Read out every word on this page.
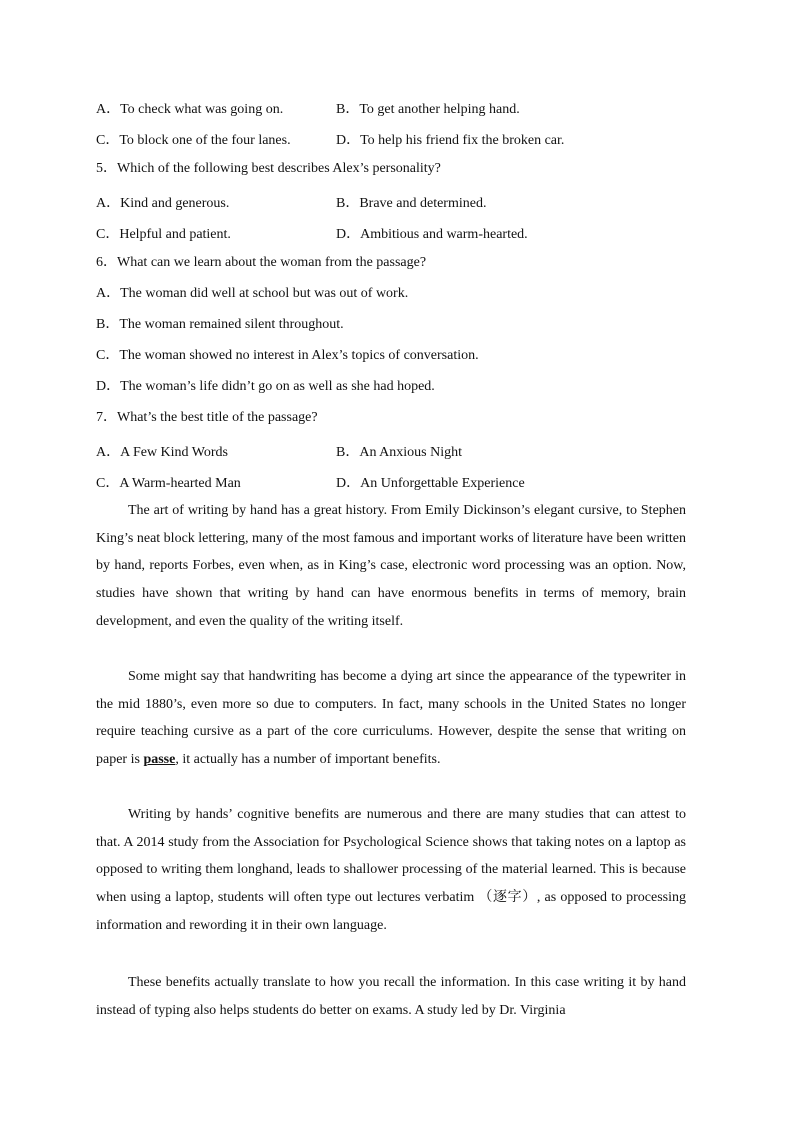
A．To check what was going on.	B．To get another helping hand.
C．To block one of the four lanes.	D．To help his friend fix the broken car.
5．Which of the following best describes Alex’s personality?
A．Kind and generous.	B．Brave and determined.
C．Helpful and patient.	D．Ambitious and warm-hearted.
6．What can we learn about the woman from the passage?
A．The woman did well at school but was out of work.
B．The woman remained silent throughout.
C．The woman showed no interest in Alex’s topics of conversation.
D．The woman’s life didn’t go on as well as she had hoped.
7．What’s the best title of the passage?
A．A Few Kind Words	B．An Anxious Night
C．A Warm-hearted Man	D．An Unforgettable Experience
The art of writing by hand has a great history. From Emily Dickinson’s elegant cursive, to Stephen King’s neat block lettering, many of the most famous and important works of literature have been written by hand, reports Forbes, even when, as in King’s case, electronic word processing was an option. Now, studies have shown that writing by hand can have enormous benefits in terms of memory, brain development, and even the quality of the writing itself.
Some might say that handwriting has become a dying art since the appearance of the typewriter in the mid 1880’s, even more so due to computers. In fact, many schools in the United States no longer require teaching cursive as a part of the core curriculums. However, despite the sense that writing on paper is passe, it actually has a number of important benefits.
Writing by hands’ cognitive benefits are numerous and there are many studies that can attest to that. A 2014 study from the Association for Psychological Science shows that taking notes on a laptop as opposed to writing them longhand, leads to shallower processing of the material learned. This is because when using a laptop, students will often type out lectures verbatim （逐字）, as opposed to processing information and rewording it in their own language.
These benefits actually translate to how you recall the information. In this case writing it by hand instead of typing also helps students do better on exams. A study led by Dr. Virginia
